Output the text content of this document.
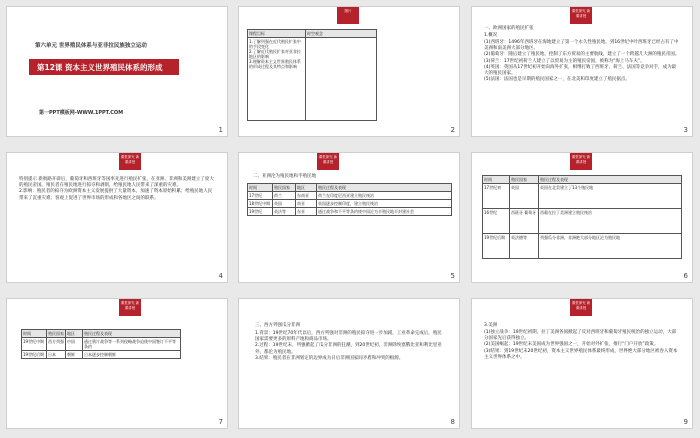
第六单元 世界殖民体系与亚非拉民族独立运动
第12课 资本主义世界殖民体系的形成
第一PPT模板网-WWW.1PPT.COM
1
图片
课程目标	时空观念

1.了解列强在近代殖民扩张中的手段变化
2.了解近代殖民扩张对亚非拉地区的影响
3.理解资本主义世界殖民体系的形成过程及其特点和影响	

2
课堂探究 新课讲授
一、欧洲国家的殖民扩张
1.概况
(1)西班牙：1496年西班牙在海地建立了第一个永久性殖民地，到16世纪中叶西班牙已经占有了中美洲和南美洲大部分地区。
(2)葡萄牙：随后建立了殖民地，控制了东方贸易的主要航线，建立了一个跨越几大洲的殖民帝国。
(3)荷兰：17世纪初荷兰人建立了以贸易为主的殖民帝国，被称为“海上马车夫”。
(4)英国：英国从17世纪初开始向海外扩张，相继打败了西班牙、荷兰、法国等竞争对手，成为最大的殖民国家。
(5)法国：法国也是早期的殖民国家之一，在北美和印度建立了殖民据点。
3
课堂探究 新课讲授
特别提示 新航路开辟后，葡萄牙和西班牙等国率先进行殖民扩张，在亚洲、非洲和美洲建立了庞大的殖民帝国。殖民者在殖民地进行掠夺和剥削，给殖民地人民带来了深重的灾难。
2.影响：殖民者的掠夺为欧洲资本主义发展提供了大量资本，加速了资本原始积累；给殖民地人民带来了沉重灾难；客观上促进了世界市场的形成和各地区之间的联系。
4
课堂探究 新课讲授
二、亚洲沦为殖民地和半殖民地
时间	殖民国家	地区	殖民过程及表现
17世纪	荷兰	东南亚	荷兰在印度尼西亚建立殖民统治
18世纪中期	英国	南亚	英国逐步控制印度，建立殖民统治
19世纪	英法等	东亚	通过战争和不平等条约使中国沦为半殖民地半封建社会
5
课堂探究 新课讲授
时间	殖民国家	殖民过程及表现
17世纪初	英国	英国在北美建立了13个殖民地
16世纪	西班牙 葡萄牙	西葡在拉丁美洲建立殖民统治
19世纪后期	英法德等	列强瓜分非洲，非洲绝大部分地区沦为殖民地
6
课堂探究 新课讲授
时间	殖民国家	地区	殖民过程及表现
19世纪中期	西方列强	中国	通过鸦片战争等一系列侵略战争迫使中国签订不平等条约
19世纪后期	日本	朝鲜	日本逐步控制朝鲜
7
三、西方列强瓜分非洲
1.背景：19世纪70年代以后，西方列强对非洲的殖民掠夺进一步加剧，工业革命完成后，殖民国家需要更多的原料产地和商品市场。
2.过程：19世纪末，列强掀起了瓜分非洲的狂潮，到20世纪初，非洲除埃塞俄比亚和利比里亚外，都沦为殖民地。
3.结果：殖民者在非洲划定的边界成为日后非洲国家间矛盾和冲突的根源。
8
课堂探究 新课讲授
3.美洲
(1)独立战争：19世纪初期，拉丁美洲各国掀起了反对西班牙和葡萄牙殖民统治的独立运动，大部分国家先后获得独立。
(2)美国崛起：19世纪末美国成为世界强国之一，开始对外扩张，推行“门户开放”政策。
(3)结果：到19世纪末20世纪初，资本主义世界殖民体系最终形成，世界绝大部分地区被卷入资本主义世界体系之中。
9
